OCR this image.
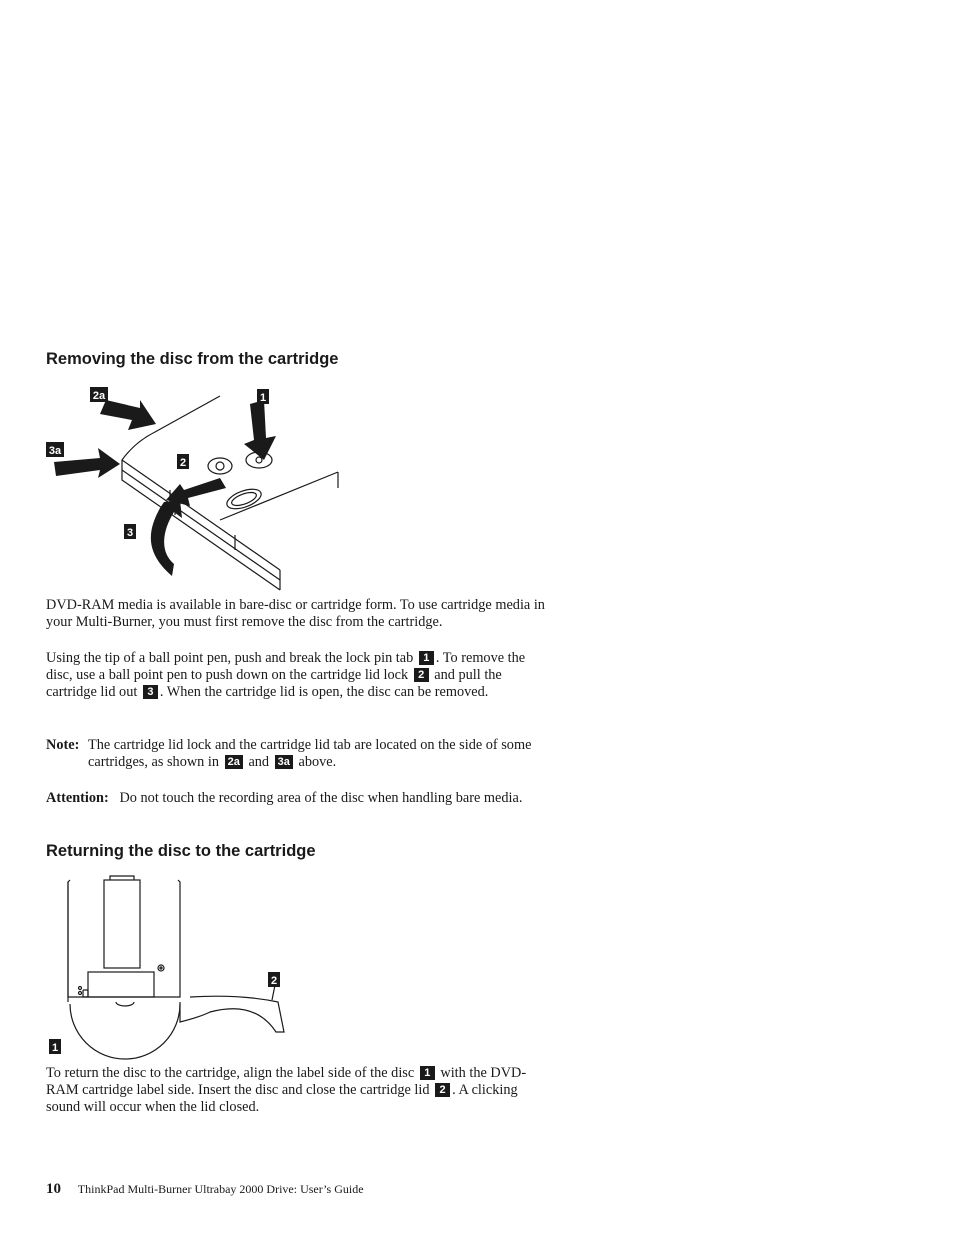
Removing the disc from the cartridge
2a	1
3a
2
3

DVD-RAM media is available in bare-disc or cartridge form. To use cartridge media in your Multi-Burner, you must first remove the disc from the cartridge.

Using the tip of a ball point pen, push and break the lock pin tab 1 . To remove the disc, use a ball point pen to push down on the cartridge lid lock 2 and pull the cartridge lid out 3 . When the cartridge lid is open, the disc can be removed.

Note: The cartridge lid lock and the cartridge lid tab are located on the side of some cartridges, as shown in 2a and 3a above.

Attention: Do not touch the recording area of the disc when handling bare media.

Returning the disc to the cartridge
2
1

To return the disc to the cartridge, align the label side of the disc 1 with the DVD-RAM cartridge label side. Insert the disc and close the cartridge lid 2 . A clicking sound will occur when the lid closed.

10 ThinkPad Multi-Burner Ultrabay 2000 Drive: User’s Guide
